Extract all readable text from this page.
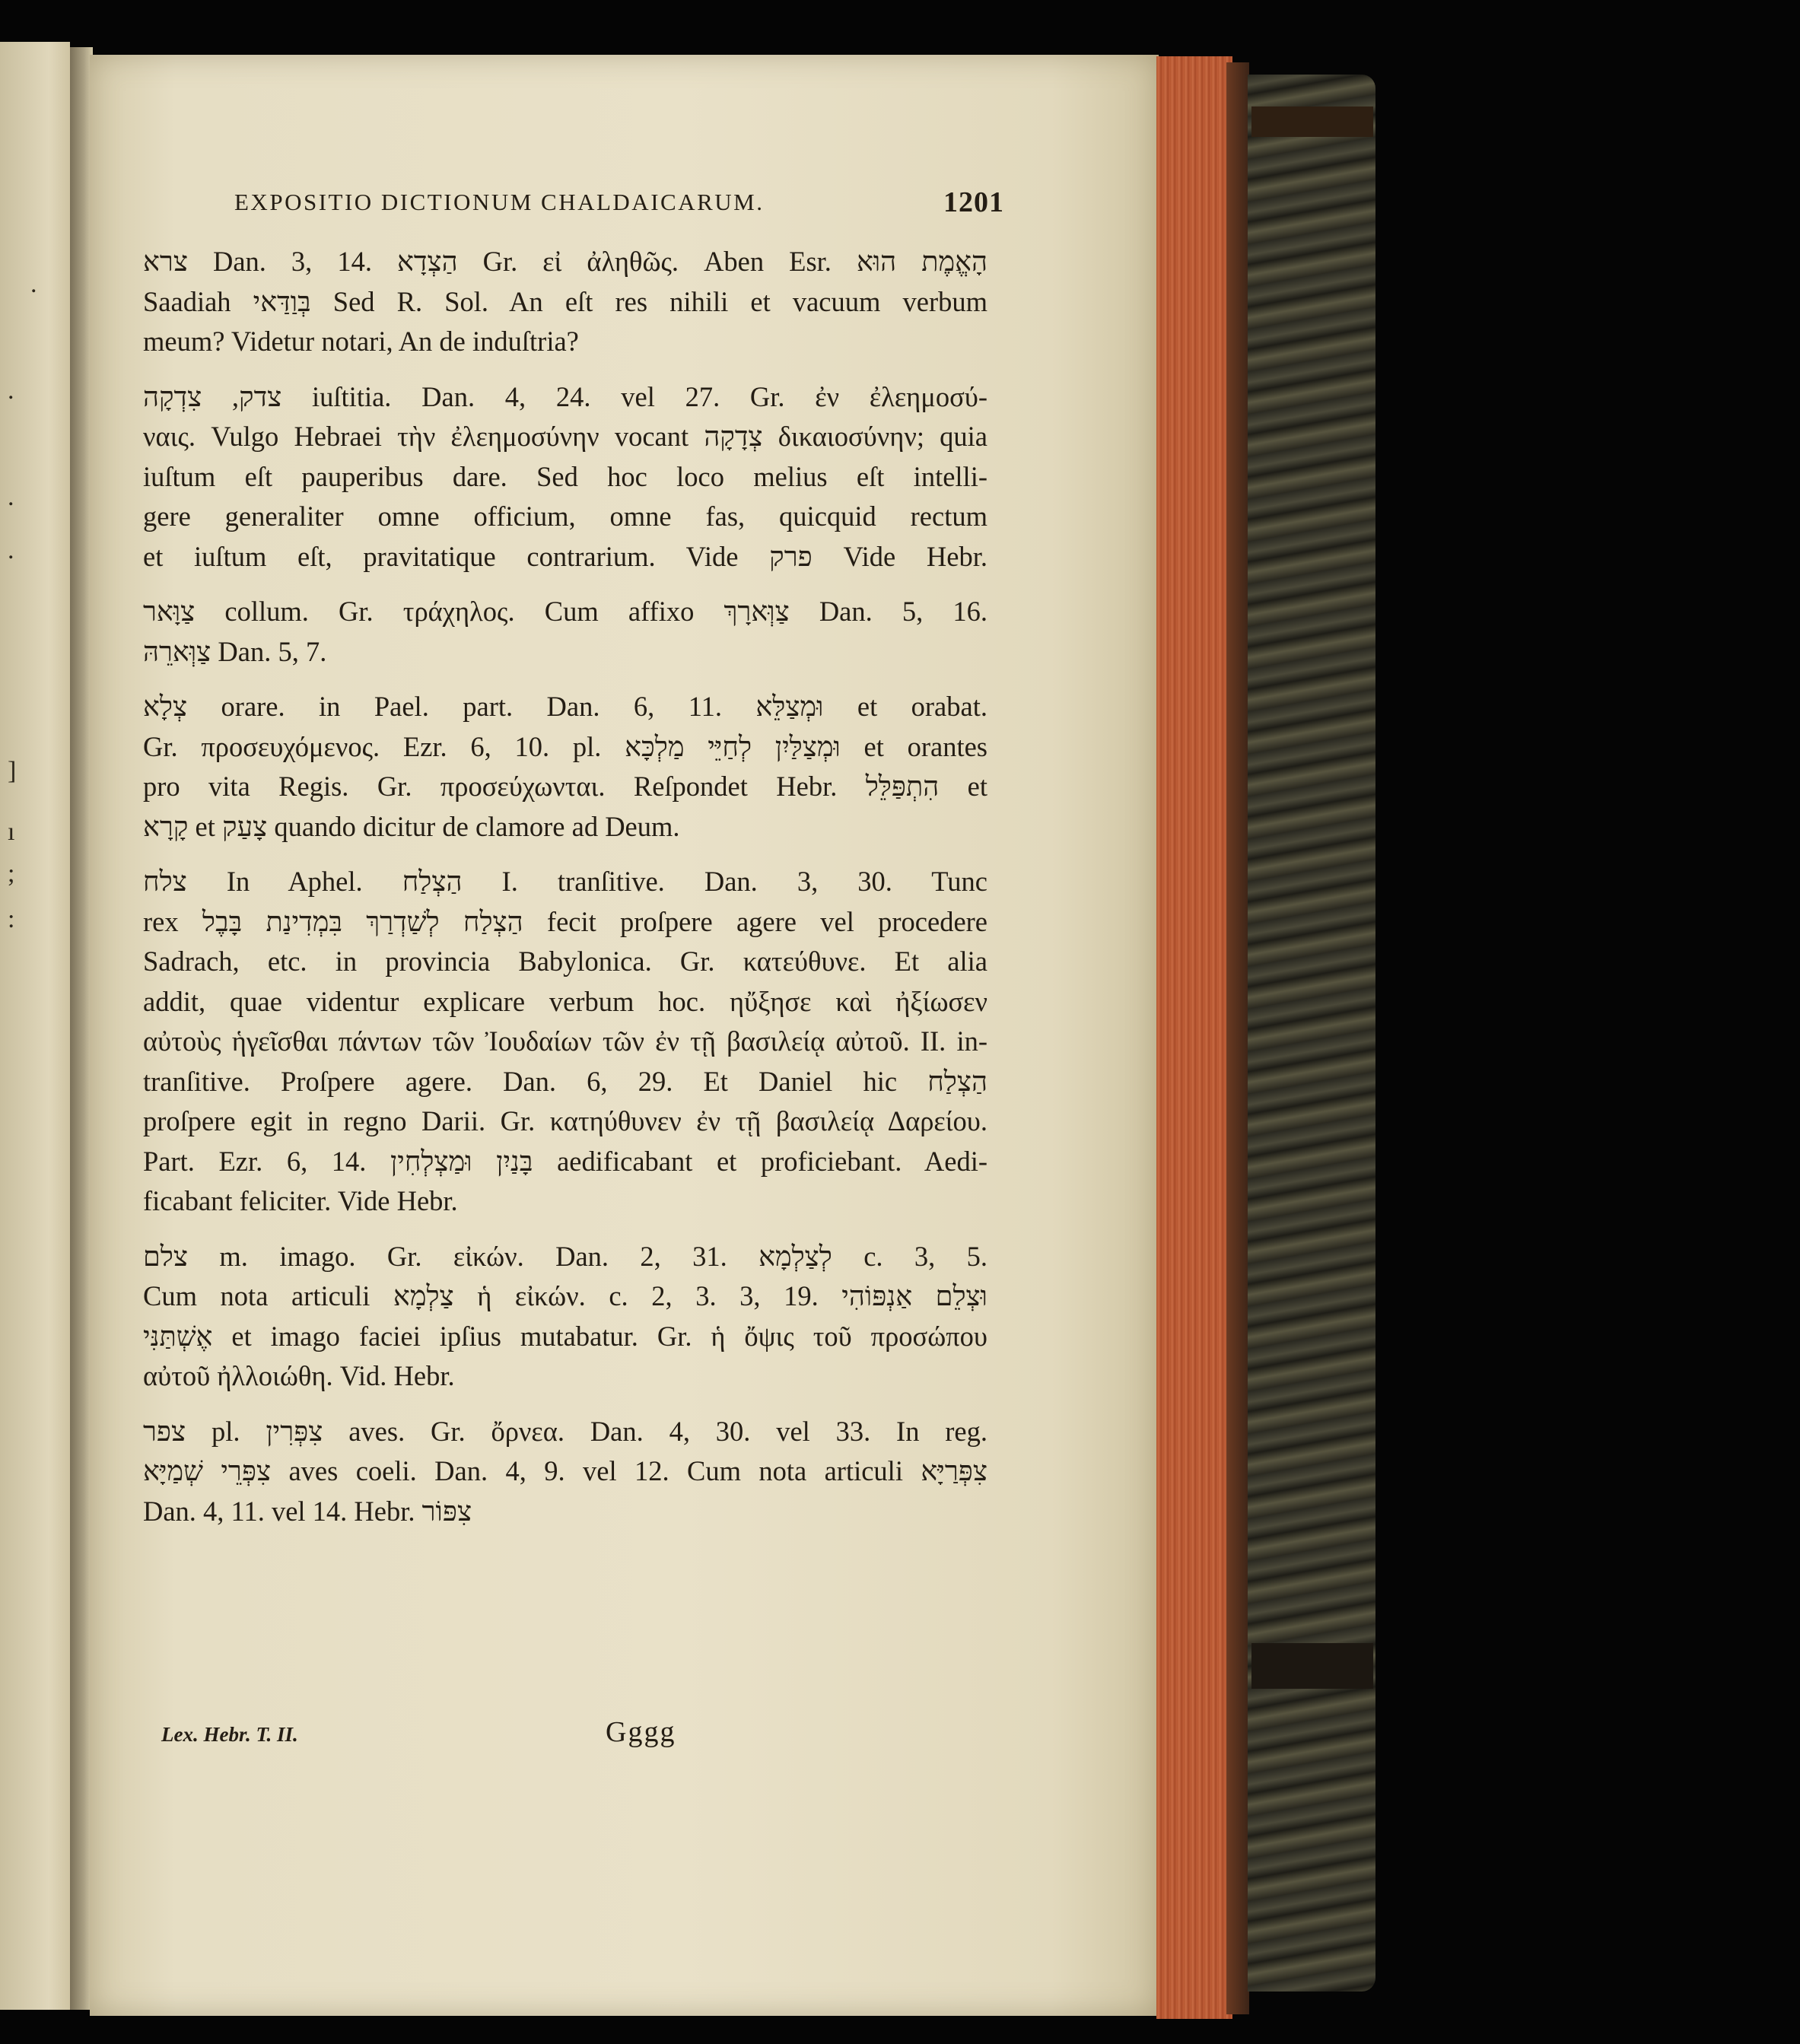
.
.
.
.
]
ı
;
:
EXPOSITIO DICTIONUM CHALDAICARUM.	1201
צרא Dan. 3, 14. הַצְדָא Gr. εἰ ἀληθῶς. Aben Esr. הָאֱמֶת הוּא
Saadiah בְּוַדַּאי Sed R. Sol. An eſt res nihili et vacuum verbum
meum? Videtur notari, An de induſtria?
צדק, צִדְקָה iuſtitia. Dan. 4, 24. vel 27. Gr. ἐν ἐλεημοσύ-
ναις. Vulgo Hebraei τὴν ἐλεημοσύνην vocant צְדָקָה δικαιοσύνην; quia
iuſtum eſt pauperibus dare. Sed hoc loco melius eſt intelli-
gere generaliter omne officium, omne fas, quicquid rectum
et iuſtum eſt, pravitatique contrarium. Vide פרק Vide Hebr.
צַוָּאר collum. Gr. τράχηλος. Cum affixo צַוְּארָךְ Dan. 5, 16.
צַוְּארֵהּ Dan. 5, 7.
צְלָא orare. in Pael. part. Dan. 6, 11. וּמְצַלֵּא et orabat.
Gr. προσευχόμενος. Ezr. 6, 10. pl. וּמְצַלַּיִן לְחַיֵּי מַלְכָּא et orantes
pro vita Regis. Gr. προσεύχωνται. Reſpondet Hebr. הִתְפַּלֵּל et
קָרָא et צָעַק quando dicitur de clamore ad Deum.
צלח In Aphel. הַצְלַח I. tranſitive. Dan. 3, 30. Tunc
rex הַצְלַח לְשַׁדְרַךְ בִּמְדִינַת בָּבֶל fecit proſpere agere vel procedere
Sadrach, etc. in provincia Babylonica. Gr. κατεύθυνε. Et alia
addit, quae videntur explicare verbum hoc. ηὔξησε καὶ ἠξίωσεν
αὐτοὺς ἡγεῖσθαι πάντων τῶν Ἰουδαίων τῶν ἐν τῇ βασιλείᾳ αὐτοῦ. II. in-
tranſitive. Proſpere agere. Dan. 6, 29. Et Daniel hic הַצְלַח
proſpere egit in regno Darii. Gr. κατηύθυνεν ἐν τῇ βασιλείᾳ Δαρείου.
Part. Ezr. 6, 14. בָּנַיִן וּמַצְלְחִין aedificabant et proficiebant. Aedi-
ficabant feliciter. Vide Hebr.
צלם m. imago. Gr. εἰκών. Dan. 2, 31. לְצַלְמָא c. 3, 5.
Cum nota articuli צַלְמָא ἡ εἰκών. c. 2, 3. 3, 19. וּצְלֵם אַנְפּוֹהִי
אֶשְׁתַּנִּי et imago faciei ipſius mutabatur. Gr. ἡ ὄψις τοῦ προσώπου
αὐτοῦ ἠλλοιώθη. Vid. Hebr.
צפר pl. צִפְּרִין aves. Gr. ὄρνεα. Dan. 4, 30. vel 33. In reg.
צִפְּרֵי שְׁמַיָּא aves coeli. Dan. 4, 9. vel 12. Cum nota articuli צִפְּרַיָּא
Dan. 4, 11. vel 14. Hebr. צִפּוֹר
Lex. Hebr. T. II.	Gggg
